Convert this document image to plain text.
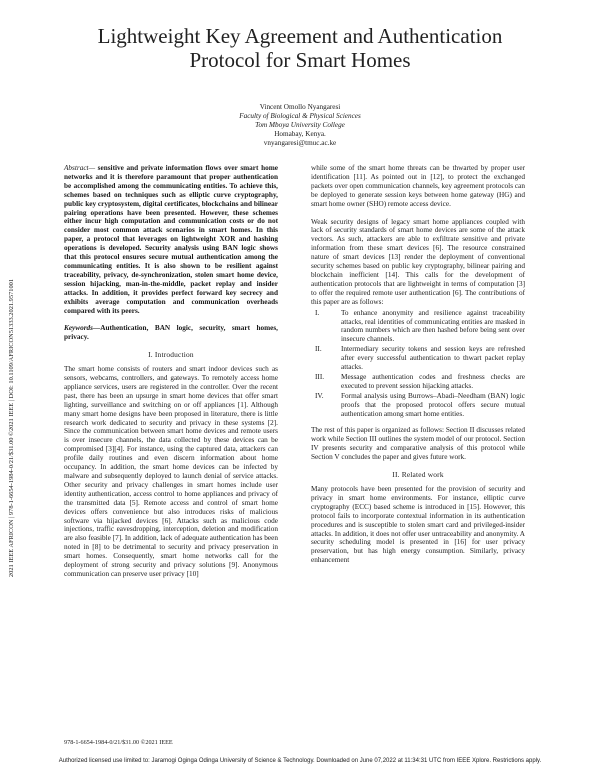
Lightweight Key Agreement and Authentication
Protocol for Smart Homes
Vincent Omollo Nyangaresi
Faculty of Biological & Physical Sciences
Tom Mboya University College
Homabay, Kenya.
vnyangaresi@tmuc.ac.ke
2021 IEEE AFRICON | 978-1-6654-1984-0/21/$31.00 ©2021 IEEE | DOI: 10.1109/AFRICON51333.2021.9571001

Abstract— sensitive and private information flows over smart home networks and it is therefore paramount that proper authentication be accomplished among the communicating entities. To achieve this, schemes based on techniques such as elliptic curve cryptography, public key cryptosystem, digital certificates, blockchains and bilinear pairing operations have been presented. However, these schemes either incur high computation and communication costs or do not consider most common attack scenarios in smart homes. In this paper, a protocol that leverages on lightweight XOR and hashing operations is developed. Security analysis using BAN logic shows that this protocol ensures secure mutual authentication among the communicating entities. It is also shown to be resilient against traceability, privacy, de-synchronization, stolen smart home device, session hijacking, man-in-the-middle, packet replay and insider attacks. In addition, it provides perfect forward key secrecy and exhibits average computation and communication overheads compared with its peers.

Keywords—Authentication, BAN logic, security, smart homes, privacy.

I. Introduction

The smart home consists of routers and smart indoor devices such as sensors, webcams, controllers, and gateways. To remotely access home appliance services, users are registered in the controller. Over the recent past, there has been an upsurge in smart home devices that offer smart lighting, surveillance and switching on or off appliances [1]. Although many smart home designs have been proposed in literature, there is little research work dedicated to security and privacy in these systems [2]. Since the communication between smart home devices and remote users is over insecure channels, the data collected by these devices can be compromised [3][4]. For instance, using the captured data, attackers can profile daily routines and even discern information about home occupancy. In addition, the smart home devices can be infected by malware and subsequently deployed to launch denial of service attacks. Other security and privacy challenges in smart homes include user identity authentication, access control to home appliances and privacy of the transmitted data [5]. Remote access and control of smart home devices offers convenience but also introduces risks of malicious software via hijacked devices [6]. Attacks such as malicious code injections, traffic eavesdropping, interception, deletion and modification are also feasible [7]. In addition, lack of adequate authentication has been noted in [8] to be detrimental to security and privacy preservation in smart homes. Consequently, smart home networks call for the deployment of strong security and privacy solutions [9]. Anonymous communication can preserve user privacy [10]

while some of the smart home threats can be thwarted by proper user identification [11]. As pointed out in [12], to protect the exchanged packets over open communication channels, key agreement protocols can be deployed to generate session keys between home gateway (HG) and smart home owner (SHO) remote access device.

Weak security designs of legacy smart home appliances coupled with lack of security standards of smart home devices are some of the attack vectors. As such, attackers are able to exfiltrate sensitive and private information from these smart devices [6]. The resource constrained nature of smart devices [13] render the deployment of conventional security schemes based on public key cryptography, bilinear pairing and blockchain inefficient [14]. This calls for the development of authentication protocols that are lightweight in terms of computation [3] to offer the required remote user authentication [6]. The contributions of this paper are as follows:

I.	To enhance anonymity and resilience against traceability attacks, real identities of communicating entities are masked in random numbers which are then hashed before being sent over insecure channels.
II.	Intermediary security tokens and session keys are refreshed after every successful authentication to thwart packet replay attacks.
III. Message authentication codes and freshness checks are executed to prevent session hijacking attacks.
IV. Formal analysis using Burrows–Abadi–Needham (BAN) logic proofs that the proposed protocol offers secure mutual authentication among smart home entities.

The rest of this paper is organized as follows: Section II discusses related work while Section III outlines the system model of our protocol. Section IV presents security and comparative analysis of this protocol while Section V concludes the paper and gives future work.

II. Related work

Many protocols have been presented for the provision of security and privacy in smart home environments. For instance, elliptic curve cryptography (ECC) based scheme is introduced in [15]. However, this protocol fails to incorporate contextual information in its authentication procedures and is susceptible to stolen smart card and privileged-insider attacks. In addition, it does not offer user untraceability and anonymity. A security scheduling model is presented in [16] for user privacy preservation, but has high energy consumption. Similarly, privacy enhancement

978-1-6654-1984-0/21/$31.00 ©2021 IEEE
Authorized licensed use limited to: Jaramogi Oginga Odinga University of Science & Technology. Downloaded on June 07,2022 at 11:34:31 UTC from IEEE Xplore. Restrictions apply.
